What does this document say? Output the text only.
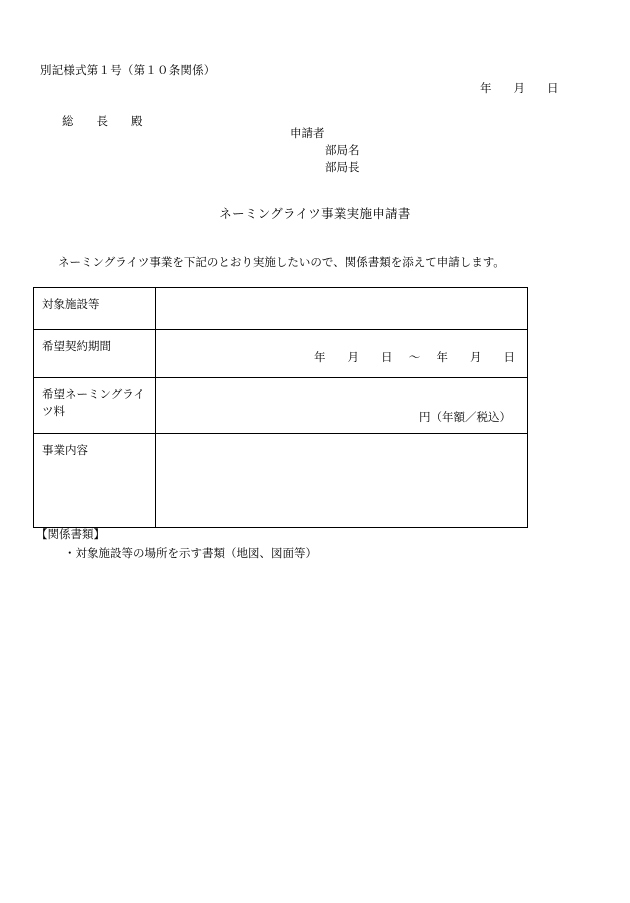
別記様式第１号（第１０条関係）
年 月 日
総　　長　　殿
申請者
部局名
部局長
ネーミングライツ事業実施申請書
ネーミングライツ事業を下記のとおり実施したいので、関係書類を添えて申請します。
対象施設等	
希望契約期間	年 月 日 ～ 年 月 日

希望ネーミングライツ料	円（年額／税込）

事業内容	
【関係書類】
・対象施設等の場所を示す書類（地図、図面等）
